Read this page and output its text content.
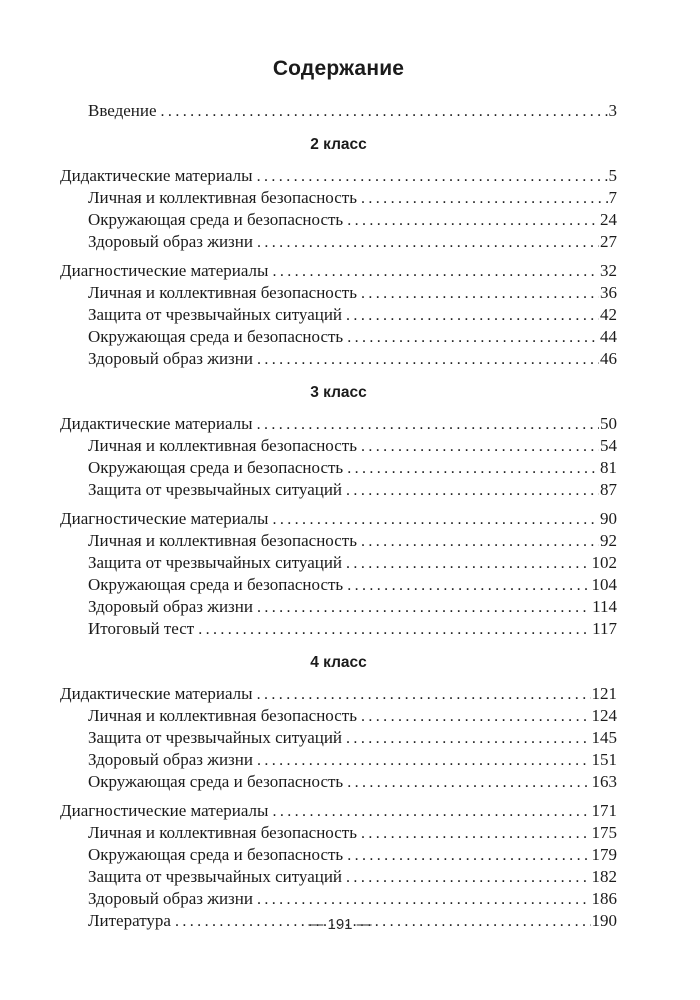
Содержание
Введение .....	3
2 класс
Дидактические материалы .....	5
Личная и коллективная безопасность .....	7
Окружающая среда и безопасность .....	24
Здоровый образ жизни .....	27
Диагностические материалы .....	32
Личная и коллективная безопасность .....	36
Защита от чрезвычайных ситуаций .....	42
Окружающая среда и безопасность .....	44
Здоровый образ жизни .....	46
3 класс
Дидактические материалы .....	50
Личная и коллективная безопасность .....	54
Окружающая среда и безопасность .....	81
Защита от чрезвычайных ситуаций .....	87
Диагностические материалы .....	90
Личная и коллективная безопасность .....	92
Защита от чрезвычайных ситуаций .....	102
Окружающая среда и безопасность .....	104
Здоровый образ жизни .....	114
Итоговый тест .....	117
4 класс
Дидактические материалы .....	121
Личная и коллективная безопасность .....	124
Защита от чрезвычайных ситуаций .....	145
Здоровый образ жизни .....	151
Окружающая среда и безопасность .....	163
Диагностические материалы .....	171
Личная и коллективная безопасность .....	175
Окружающая среда и безопасность .....	179
Защита от чрезвычайных ситуаций .....	182
Здоровый образ жизни .....	186
Литература .....	190
— 191 —
